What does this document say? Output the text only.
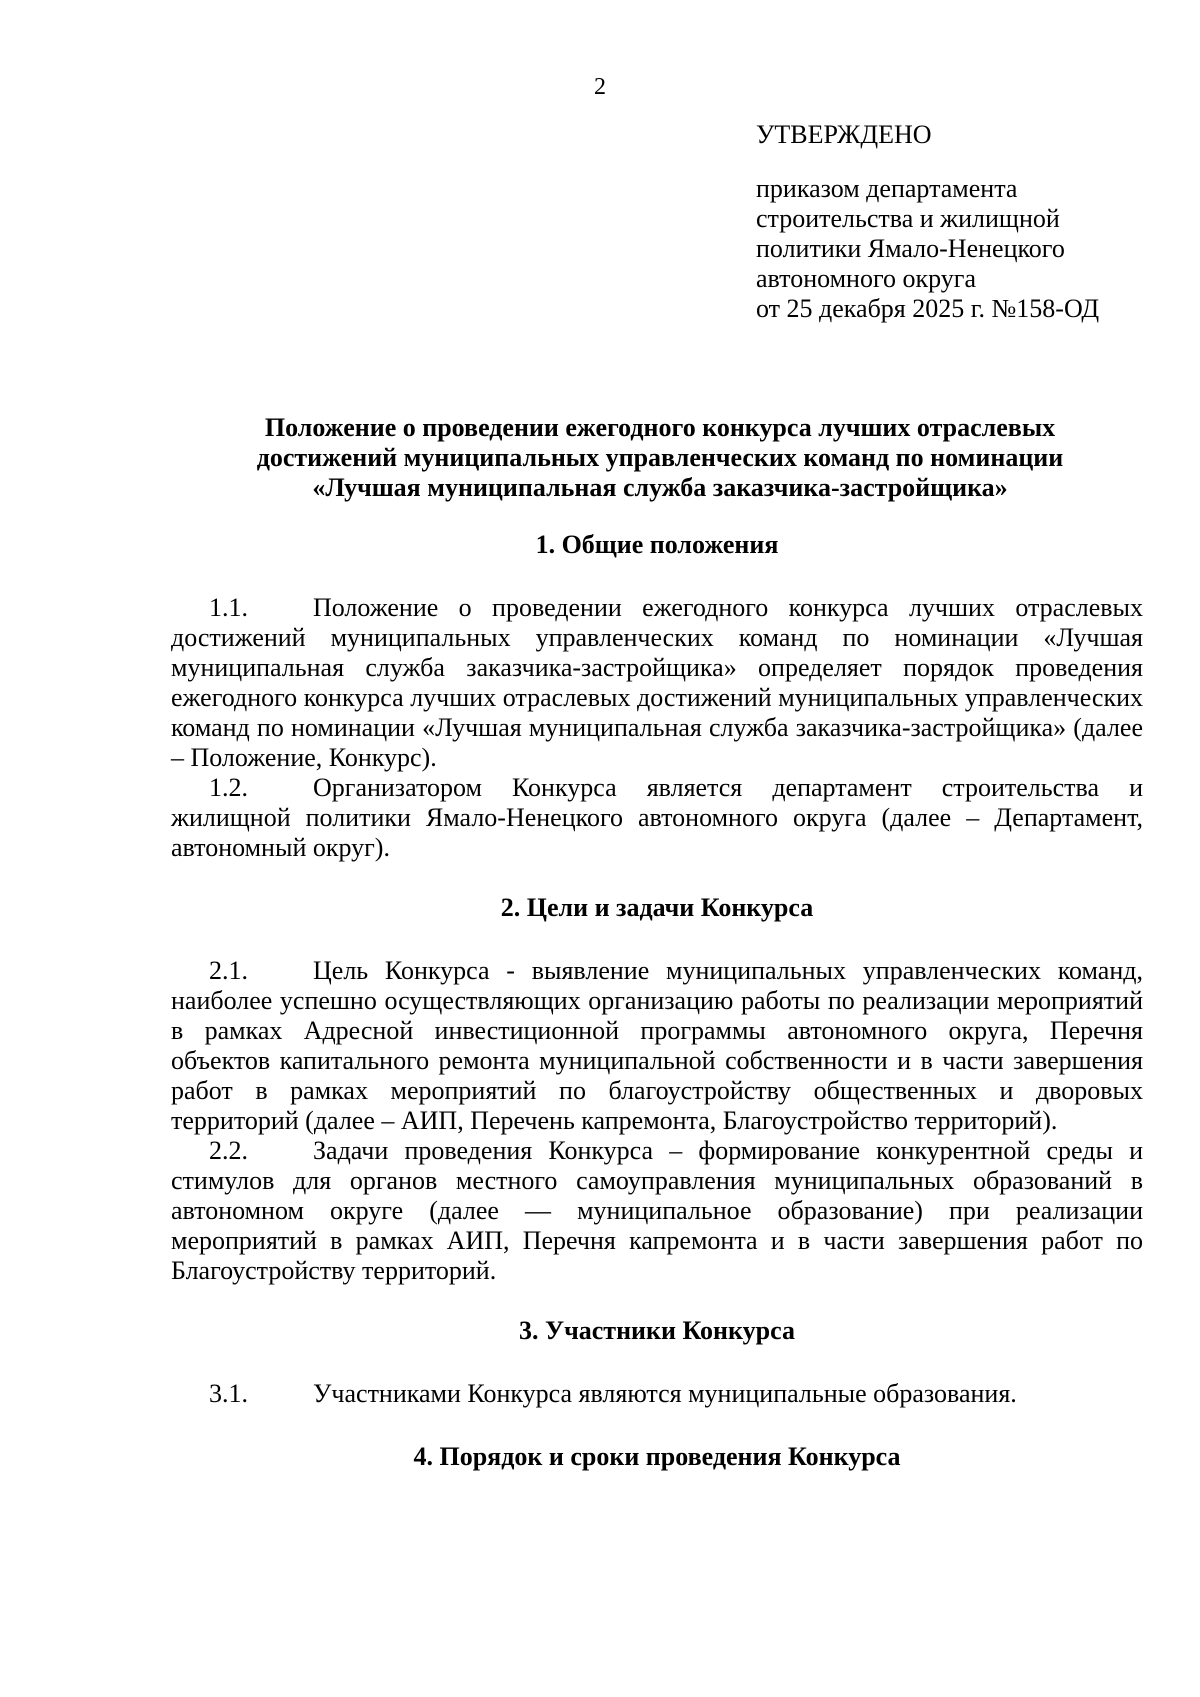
2
УТВЕРЖДЕНО
приказом департамента
строительства и жилищной
политики Ямало-Ненецкого
автономного округа
от 25 декабря 2025 г. №158-ОД
Положение о проведении ежегодного конкурса лучших отраслевых
достижений муниципальных управленческих команд по номинации
«Лучшая муниципальная служба заказчика-застройщика»
1. Общие положения

1.1.	Положение о проведении ежегодного конкурса лучших отраслевых достижений муниципальных управленческих команд по номинации «Лучшая муниципальная служба заказчика-застройщика» определяет порядок проведения ежегодного конкурса лучших отраслевых достижений муниципальных управленческих команд по номинации «Лучшая муниципальная служба заказчика-застройщика» (далее – Положение, Конкурс).

1.2.	Организатором Конкурса является департамент строительства и жилищной политики Ямало-Ненецкого автономного округа (далее – Департамент, автономный округ).

2. Цели и задачи Конкурса

2.1.	Цель Конкурса - выявление муниципальных управленческих команд, наиболее успешно осуществляющих организацию работы по реализации мероприятий в рамках Адресной инвестиционной программы автономного округа, Перечня объектов капитального ремонта муниципальной собственности и в части завершения работ в рамках мероприятий по благоустройству общественных и дворовых территорий (далее – АИП, Перечень капремонта, Благоустройство территорий).

2.2.	Задачи проведения Конкурса – формирование конкурентной среды и стимулов для органов местного самоуправления муниципальных образований в автономном округе (далее — муниципальное образование) при реализации мероприятий в рамках АИП, Перечня капремонта и в части завершения работ по Благоустройству территорий.

3. Участники Конкурса

3.1.	Участниками Конкурса являются муниципальные образования.

4. Порядок и сроки проведения Конкурса
